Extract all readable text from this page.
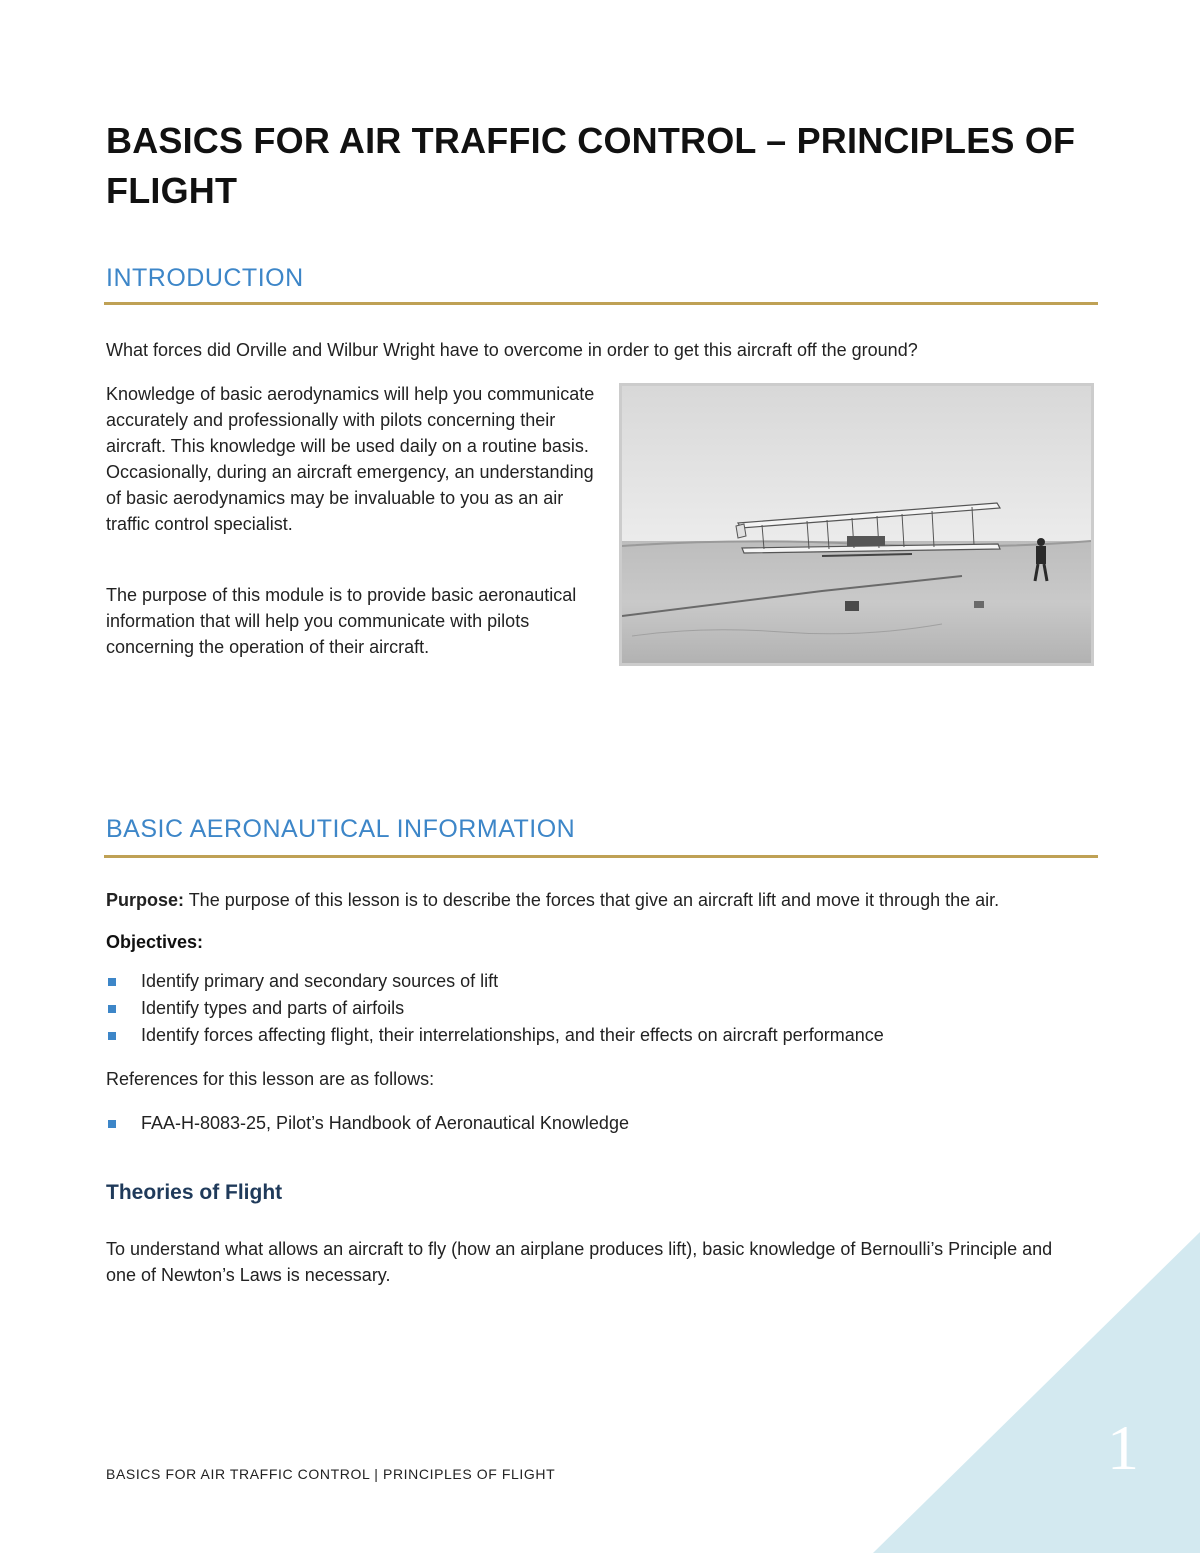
BASICS FOR AIR TRAFFIC CONTROL – PRINCIPLES OF FLIGHT
INTRODUCTION

What forces did Orville and Wilbur Wright have to overcome in order to get this aircraft off the ground?

Knowledge of basic aerodynamics will help you communicate accurately and professionally with pilots concerning their aircraft. This knowledge will be used daily on a routine basis. Occasionally, during an aircraft emergency, an understanding of basic aerodynamics may be invaluable to you as an air traffic control specialist.

The purpose of this module is to provide basic aeronautical information that will help you communicate with pilots concerning the operation of their aircraft.

BASIC AERONAUTICAL INFORMATION

Purpose: The purpose of this lesson is to describe the forces that give an aircraft lift and move it through the air.

Objectives:

Identify primary and secondary sources of lift
Identify types and parts of airfoils
Identify forces affecting flight, their interrelationships, and their effects on aircraft performance

References for this lesson are as follows:

FAA-H-8083-25, Pilot’s Handbook of Aeronautical Knowledge
Theories of Flight

To understand what allows an aircraft to fly (how an airplane produces lift), basic knowledge of Bernoulli’s Principle and one of Newton’s Laws is necessary.

BASICS FOR AIR TRAFFIC CONTROL | PRINCIPLES OF FLIGHT	1
